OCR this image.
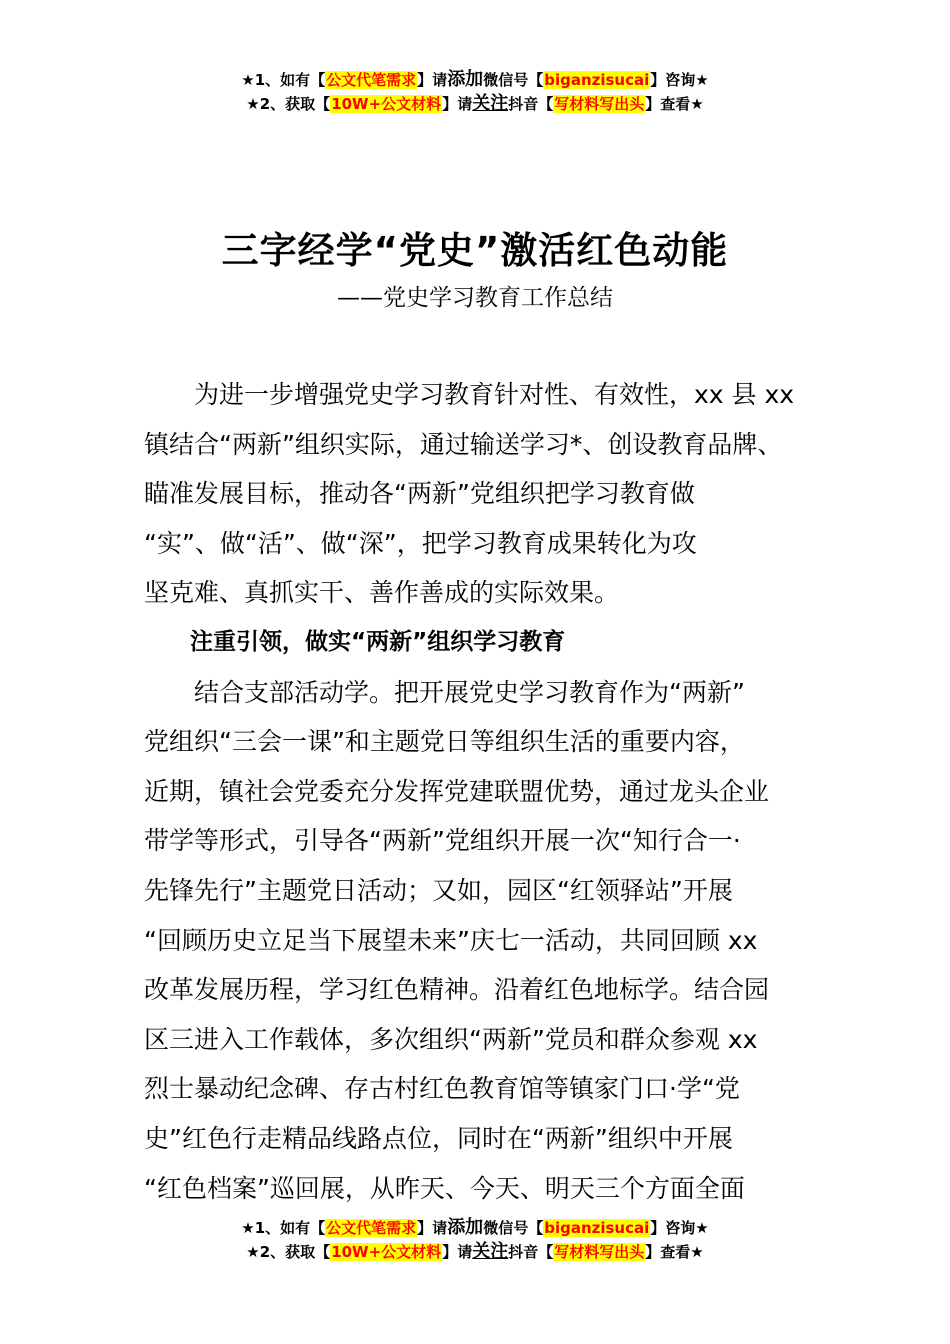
★1、如有【公文代笔需求】请添加微信号【biganzisucai】咨询★
★2、获取【10W+公文材料】请关注抖音【写材料写出头】查看★
三字经学“党史”激活红色动能
——党史学习教育工作总结

为进一步增强党史学习教育针对性、有效性，xx 县 xx
镇结合“两新”组织实际，通过输送学习*、创设教育品牌、
瞄准发展目标，推动各“两新”党组织把学习教育做
“实”、做“活”、做“深”，把学习教育成果转化为攻
坚克难、真抓实干、善作善成的实际效果。

注重引领，做实“两新”组织学习教育

结合支部活动学。把开展党史学习教育作为“两新”
党组织“三会一课”和主题党日等组织生活的重要内容，
近期，镇社会党委充分发挥党建联盟优势，通过龙头企业
带学等形式，引导各“两新”党组织开展一次“知行合一·
先锋先行”主题党日活动；又如，园区“红领驿站”开展
“回顾历史立足当下展望未来”庆七一活动，共同回顾 xx
改革发展历程，学习红色精神。沿着红色地标学。结合园
区三进入工作载体，多次组织“两新”党员和群众参观 xx
烈士暴动纪念碑、存古村红色教育馆等镇家门口·学“党
史”红色行走精品线路点位，同时在“两新”组织中开展
“红色档案”巡回展，从昨天、今天、明天三个方面全面

★1、如有【公文代笔需求】请添加微信号【biganzisucai】咨询★
★2、获取【10W+公文材料】请关注抖音【写材料写出头】查看★
